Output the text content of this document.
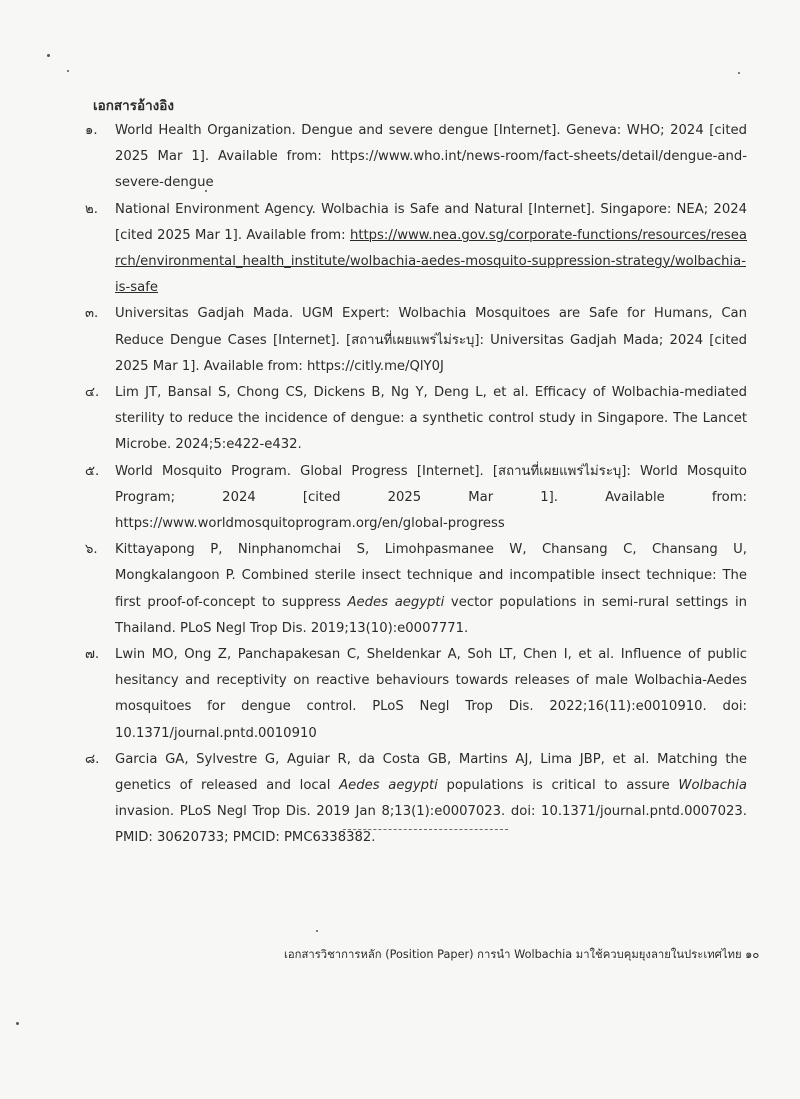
เอกสารอ้างอิง
๑.	World Health Organization. Dengue and severe dengue [Internet]. Geneva: WHO; 2024 [cited 2025 Mar 1]. Available from: https://www.who.int/news-room/fact-sheets/detail/dengue-and-severe-dengue
๒.	National Environment Agency. Wolbachia is Safe and Natural [Internet]. Singapore: NEA; 2024 [cited 2025 Mar 1]. Available from: https://www.nea.gov.sg/corporate-functions/resources/research/environmental_health_institute/wolbachia-aedes-mosquito-suppression-strategy/wolbachia-is-safe
๓.	Universitas Gadjah Mada. UGM Expert: Wolbachia Mosquitoes are Safe for Humans, Can Reduce Dengue Cases [Internet]. [สถานที่เผยแพร่ไม่ระบุ]: Universitas Gadjah Mada; 2024 [cited 2025 Mar 1]. Available from: https://citly.me/QlY0J
๔.	Lim JT, Bansal S, Chong CS, Dickens B, Ng Y, Deng L, et al. Efficacy of Wolbachia-mediated sterility to reduce the incidence of dengue: a synthetic control study in Singapore. The Lancet Microbe. 2024;5:e422-e432.
๕.	World Mosquito Program. Global Progress [Internet]. [สถานที่เผยแพร่ไม่ระบุ]: World Mosquito Program; 2024 [cited 2025 Mar 1]. Available from: https://www.worldmosquitoprogram.org/en/global-progress
๖.	Kittayapong P, Ninphanomchai S, Limohpasmanee W, Chansang C, Chansang U, Mongkalangoon P. Combined sterile insect technique and incompatible insect technique: The first proof-of-concept to suppress Aedes aegypti vector populations in semi-rural settings in Thailand. PLoS Negl Trop Dis. 2019;13(10):e0007771.
๗.	Lwin MO, Ong Z, Panchapakesan C, Sheldenkar A, Soh LT, Chen I, et al. Influence of public hesitancy and receptivity on reactive behaviours towards releases of male Wolbachia-Aedes mosquitoes for dengue control. PLoS Negl Trop Dis. 2022;16(11):e0010910. doi: 10.1371/journal.pntd.0010910
๘.	Garcia GA, Sylvestre G, Aguiar R, da Costa GB, Martins AJ, Lima JBP, et al. Matching the genetics of released and local Aedes aegypti populations is critical to assure Wolbachia invasion. PLoS Negl Trop Dis. 2019 Jan 8;13(1):e0007023. doi: 10.1371/journal.pntd.0007023. PMID: 30620733; PMCID: PMC6338382.
เอกสารวิชาการหลัก (Position Paper) การนำ Wolbachia มาใช้ควบคุมยุงลายในประเทศไทย ๑๐
